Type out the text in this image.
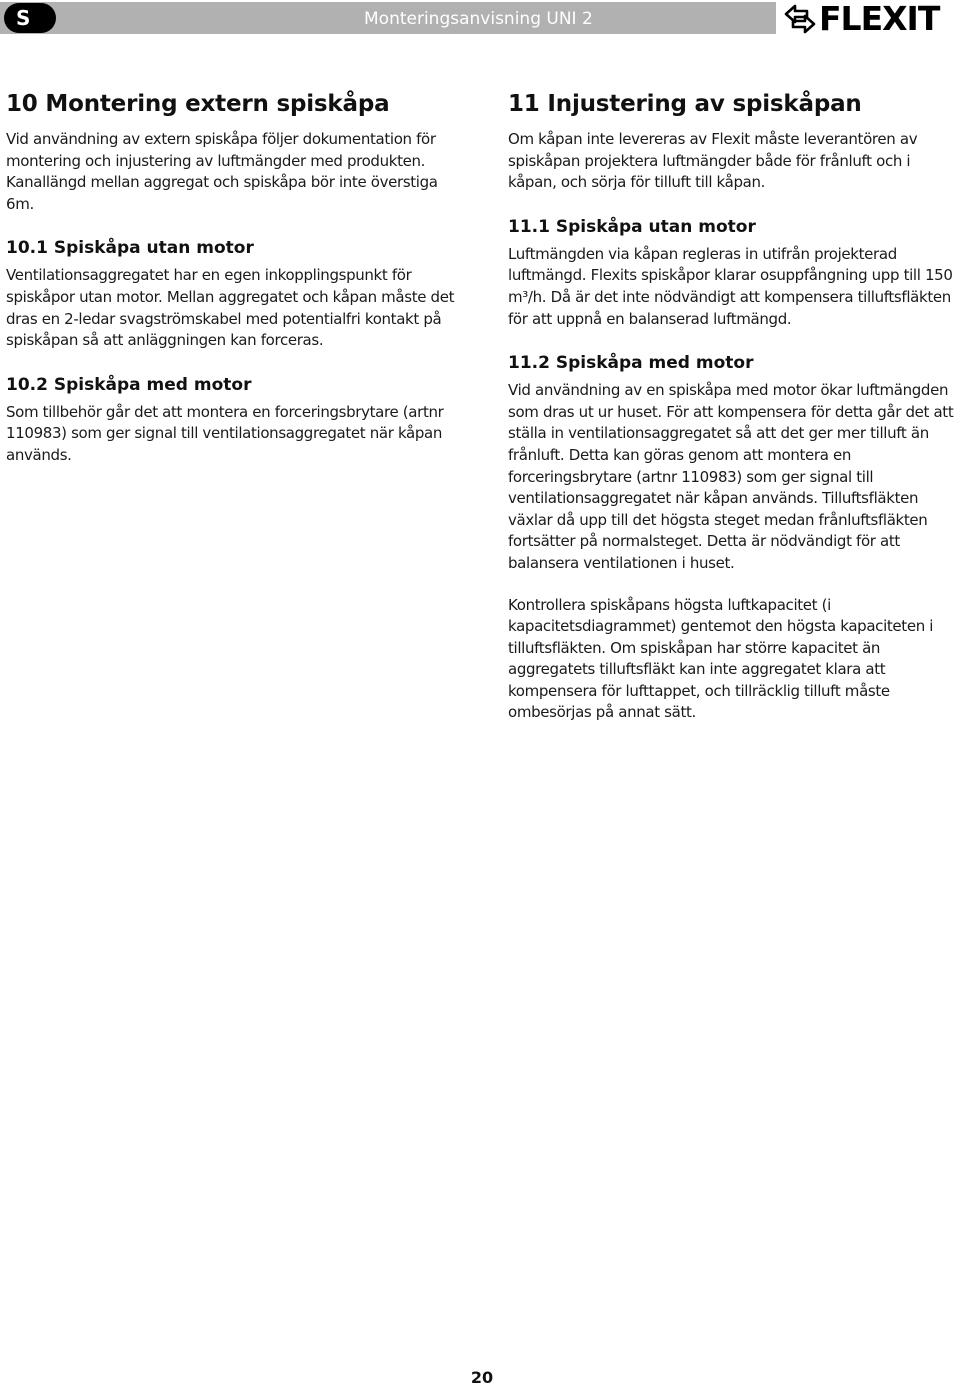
S	Monteringsanvisning UNI 2	FLEXIT
10 Montering extern spiskåpa

Vid användning av extern spiskåpa följer dokumentation för montering och injustering av luftmängder med produkten. Kanallängd mellan aggregat och spiskåpa bör inte överstiga 6m.

10.1 Spiskåpa utan motor

Ventilationsaggregatet har en egen inkopplingspunkt för spiskåpor utan motor. Mellan aggregatet och kåpan måste det dras en 2-ledar svagströmskabel med potentialfri kontakt på spiskåpan så att anläggningen kan forceras.

10.2 Spiskåpa med motor

Som tillbehör går det att montera en forceringsbrytare (artnr 110983) som ger signal till ventilationsaggregatet när kåpan används.

11 Injustering av spiskåpan

Om kåpan inte levereras av Flexit måste leverantören av spiskåpan projektera luftmängder både för frånluft och i kåpan, och sörja för tilluft till kåpan.

11.1 Spiskåpa utan motor

Luftmängden via kåpan regleras in utifrån projekterad luftmängd. Flexits spiskåpor klarar osuppfångning upp till 150 m³/h. Då är det inte nödvändigt att kompensera tilluftsfläkten för att uppnå en balanserad luftmängd.

11.2 Spiskåpa med motor

Vid användning av en spiskåpa med motor ökar luftmängden som dras ut ur huset. För att kompensera för detta går det att ställa in ventilationsaggregatet så att det ger mer tilluft än frånluft. Detta kan göras genom att montera en forceringsbrytare (artnr 110983) som ger signal till ventilationsaggregatet när kåpan används. Tilluftsfläkten växlar då upp till det högsta steget medan frånluftsfläkten fortsätter på normalsteget. Detta är nödvändigt för att balansera ventilationen i huset.

Kontrollera spiskåpans högsta luftkapacitet (i kapacitetsdiagrammet) gentemot den högsta kapaciteten i tilluftsfläkten. Om spiskåpan har större kapacitet än aggregatets tilluftsfläkt kan inte aggregatet klara att kompensera för lufttappet, och tillräcklig tilluft måste ombesörjas på annat sätt.

20
